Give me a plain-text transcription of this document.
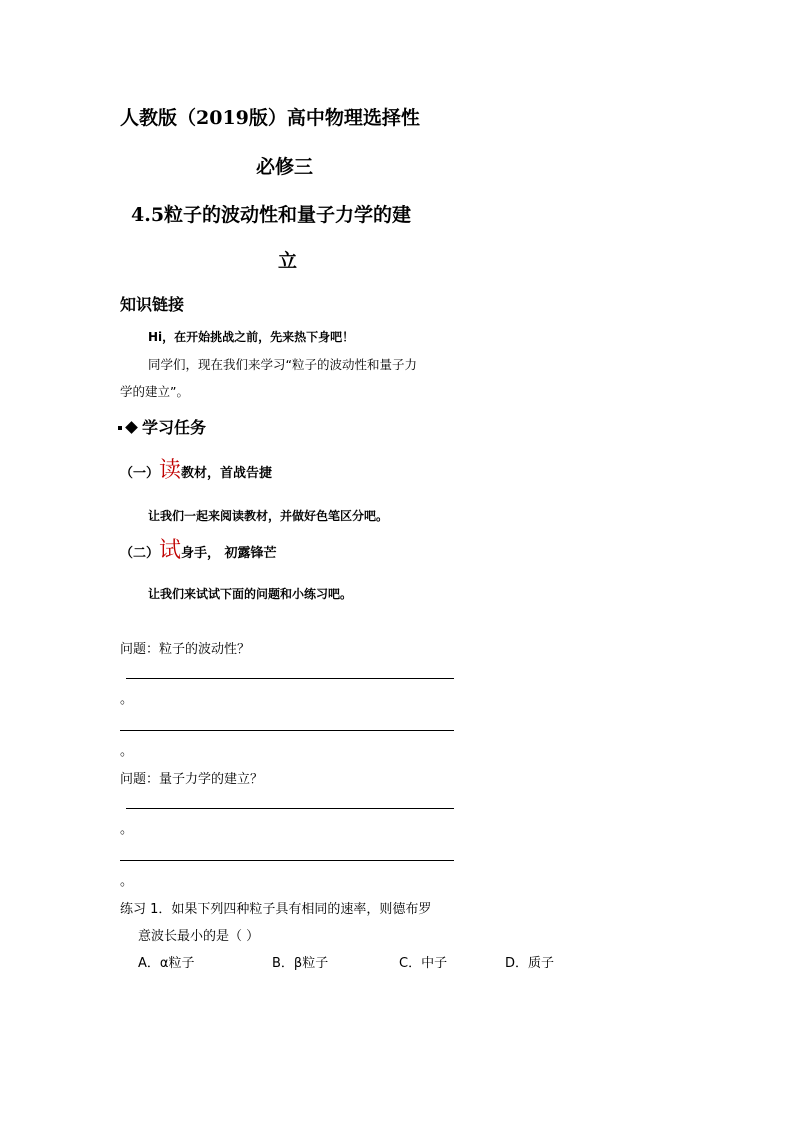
人教版（2019版）高中物理选择性
必修三
4.5粒子的波动性和量子力学的建
立
知识链接
Hi，在开始挑战之前，先来热下身吧！
同学们，现在我们来学习“粒子的波动性和量子力
学的建立”。
学习任务
（一）读教材，首战告捷
让我们一起来阅读教材，并做好色笔区分吧。
（二）试身手， 初露锋芒
让我们来试试下面的问题和小练习吧。
问题：粒子的波动性？
。
。
问题：量子力学的建立？
。
。
练习 1．如果下列四种粒子具有相同的速率，则德布罗
意波长最小的是（ ）
A．α粒子	B．β粒子	C．中子	D．质子
